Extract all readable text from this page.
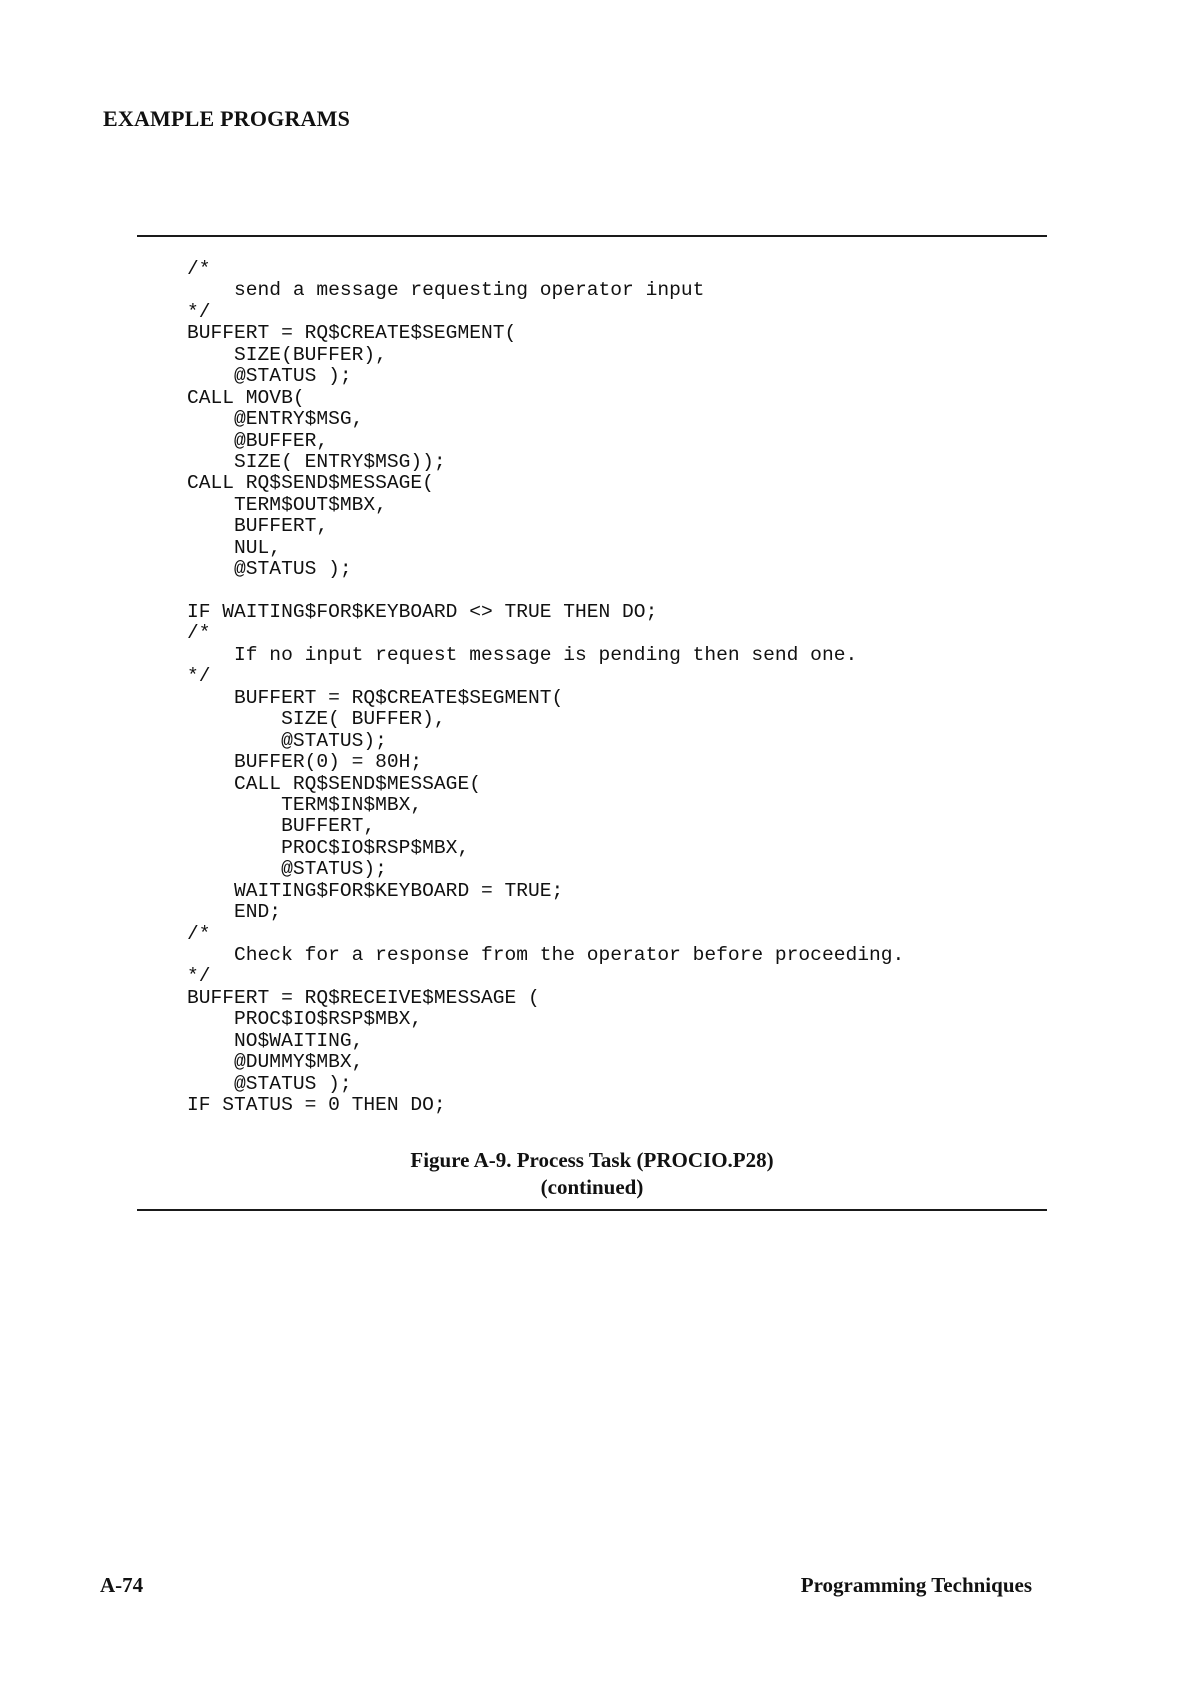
EXAMPLE PROGRAMS
/*
send a message requesting operator input
*/
BUFFERT = RQ$CREATE$SEGMENT(
SIZE(BUFFER),
@STATUS );
CALL MOVB(
@ENTRY$MSG,
@BUFFER,
SIZE( ENTRY$MSG));
CALL RQ$SEND$MESSAGE(
TERM$OUT$MBX,
BUFFERT,
NUL,
@STATUS );
IF WAITING$FOR$KEYBOARD <> TRUE THEN DO;
/*
If no input request message is pending then send one.
*/
BUFFERT = RQ$CREATE$SEGMENT(
SIZE( BUFFER),
@STATUS);
BUFFER(0) = 80H;
CALL RQ$SEND$MESSAGE(
TERM$IN$MBX,
BUFFERT,
PROC$IO$RSP$MBX,
@STATUS);
WAITING$FOR$KEYBOARD = TRUE;
END;
/*
Check for a response from the operator before proceeding.
*/
BUFFERT = RQ$RECEIVE$MESSAGE (
PROC$IO$RSP$MBX,
NO$WAITING,
@DUMMY$MBX,
@STATUS );
IF STATUS = 0 THEN DO;

Figure A-9. Process Task (PROCIO.P28)

(continued)

A-74	Programming Techniques
